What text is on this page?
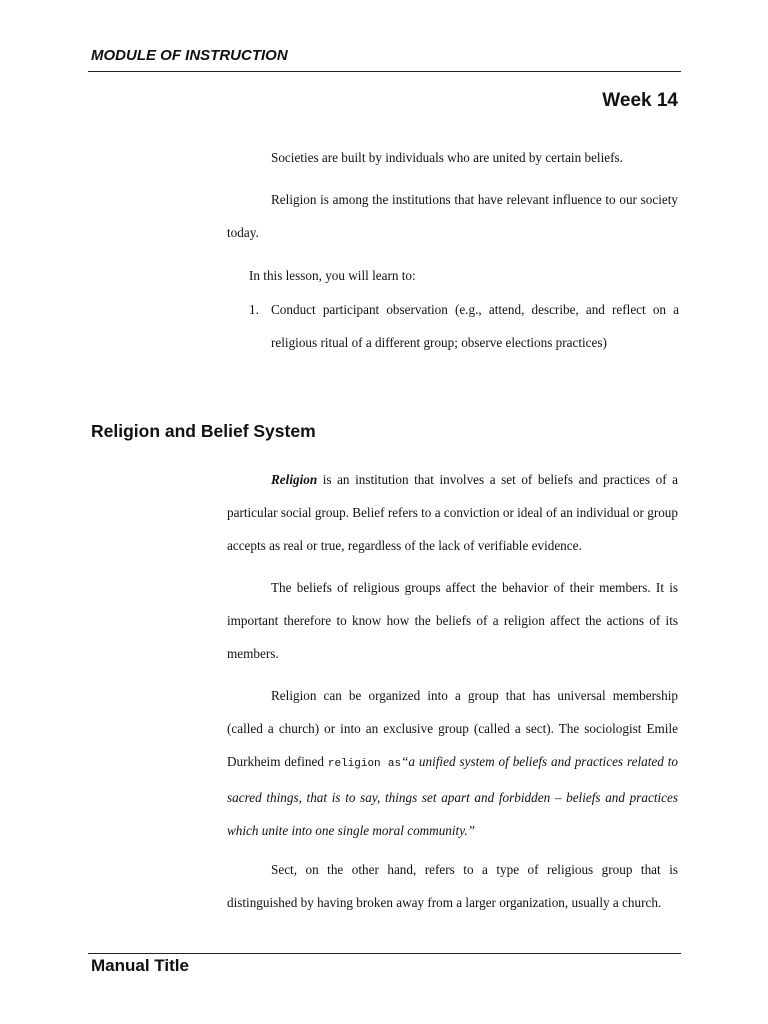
MODULE OF INSTRUCTION
Week 14
Societies are built by individuals who are united by certain beliefs.
Religion is among the institutions that have relevant influence to our society today.
In this lesson, you will learn to:
1. Conduct participant observation (e.g., attend, describe, and reflect on a religious ritual of a different group; observe elections practices)
Religion and Belief System
Religion is an institution that involves a set of beliefs and practices of a particular social group. Belief refers to a conviction or ideal of an individual or group accepts as real or true, regardless of the lack of verifiable evidence.
The beliefs of religious groups affect the behavior of their members. It is important therefore to know how the beliefs of a religion affect the actions of its members.
Religion can be organized into a group that has universal membership (called a church) or into an exclusive group (called a sect). The sociologist Emile Durkheim defined religion as“a unified system of beliefs and practices related to sacred things, that is to say, things set apart and forbidden – beliefs and practices which unite into one single moral community.”
Sect, on the other hand, refers to a type of religious group that is distinguished by having broken away from a larger organization, usually a church.
Manual Title
